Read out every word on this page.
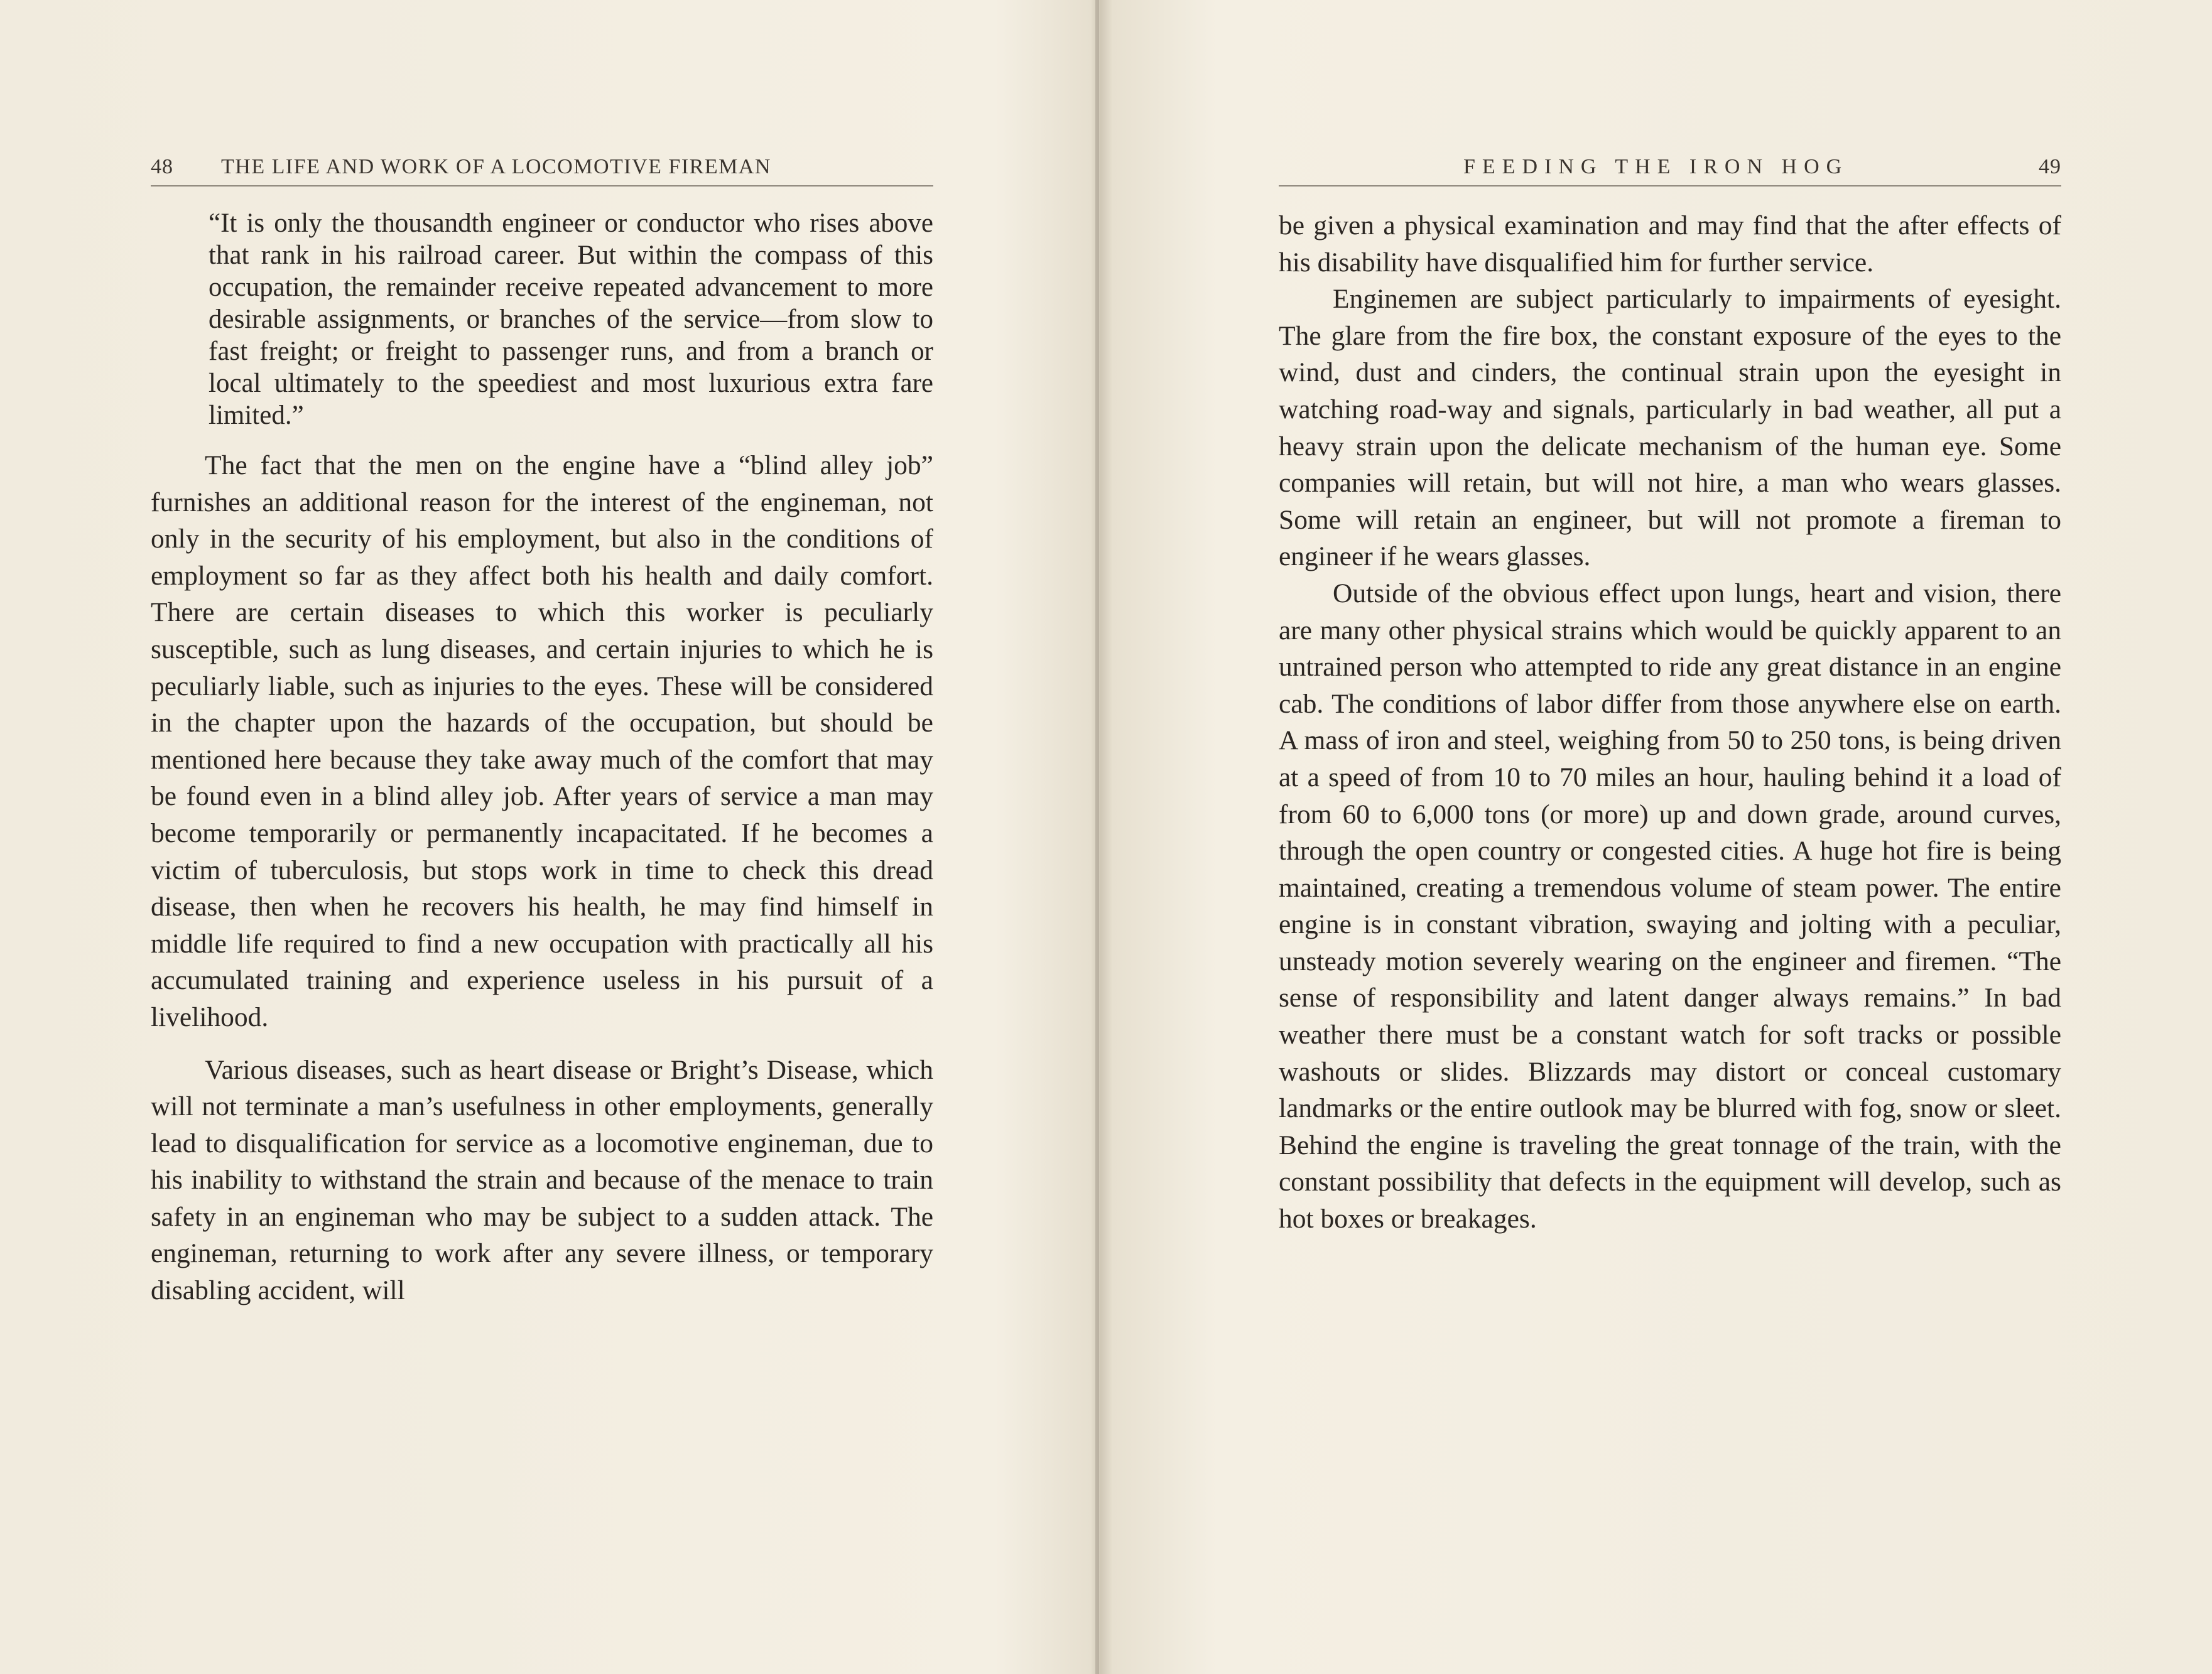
48 THE LIFE AND WORK OF A LOCOMOTIVE FIREMAN

“It is only the thousandth engineer or conductor who rises above that rank in his railroad career. But within the compass of this occupation, the remainder receive repeated advancement to more desirable assignments, or branches of the service—from slow to fast freight; or freight to passenger runs, and from a branch or local ultimately to the speediest and most luxurious extra fare limited.”

The fact that the men on the engine have a “blind alley job” furnishes an additional reason for the interest of the engineman, not only in the security of his employment, but also in the conditions of employment so far as they affect both his health and daily comfort. There are certain diseases to which this worker is peculiarly susceptible, such as lung diseases, and certain injuries to which he is peculiarly liable, such as injuries to the eyes. These will be considered in the chapter upon the hazards of the occupation, but should be mentioned here because they take away much of the comfort that may be found even in a blind alley job. After years of service a man may become temporarily or permanently incapacitated. If he becomes a victim of tuberculosis, but stops work in time to check this dread disease, then when he recovers his health, he may find himself in middle life required to find a new occupation with practically all his accumulated training and experience useless in his pursuit of a livelihood.

Various diseases, such as heart disease or Bright’s Disease, which will not terminate a man’s usefulness in other employments, generally lead to disqualification for service as a locomotive engineman, due to his inability to withstand the strain and because of the menace to train safety in an engineman who may be subject to a sudden attack. The engineman, returning to work after any severe illness, or temporary disabling accident, will

FEEDING THE IRON HOG	49

be given a physical examination and may find that the after effects of his disability have disqualified him for further service.

Enginemen are subject particularly to impairments of eyesight. The glare from the fire box, the constant exposure of the eyes to the wind, dust and cinders, the continual strain upon the eyesight in watching road-way and signals, particularly in bad weather, all put a heavy strain upon the delicate mechanism of the human eye. Some companies will retain, but will not hire, a man who wears glasses. Some will retain an engineer, but will not promote a fireman to engineer if he wears glasses.

Outside of the obvious effect upon lungs, heart and vision, there are many other physical strains which would be quickly apparent to an untrained person who attempted to ride any great distance in an engine cab. The conditions of labor differ from those anywhere else on earth. A mass of iron and steel, weighing from 50 to 250 tons, is being driven at a speed of from 10 to 70 miles an hour, hauling behind it a load of from 60 to 6,000 tons (or more) up and down grade, around curves, through the open country or congested cities. A huge hot fire is being maintained, creating a tremendous volume of steam power. The entire engine is in constant vibration, swaying and jolting with a peculiar, unsteady motion severely wearing on the engineer and firemen. “The sense of responsibility and latent danger always remains.” In bad weather there must be a constant watch for soft tracks or possible washouts or slides. Blizzards may distort or conceal customary landmarks or the entire outlook may be blurred with fog, snow or sleet. Behind the engine is traveling the great tonnage of the train, with the constant possibility that defects in the equipment will develop, such as hot boxes or breakages.
